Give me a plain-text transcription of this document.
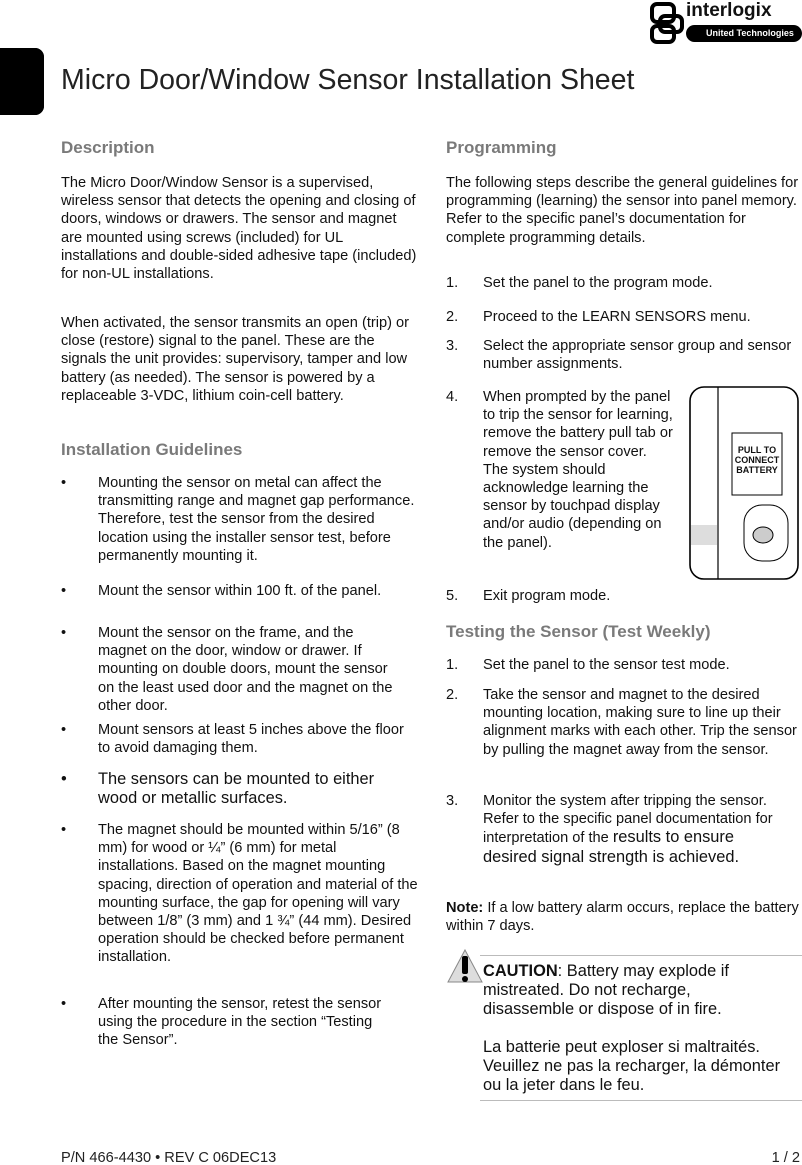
interlogix
United Technologies
Micro Door/Window Sensor Installation Sheet
Description
The Micro Door/Window Sensor is a supervised, wireless sensor that detects the opening and closing of doors, windows or drawers. The sensor and magnet are mounted using screws (included) for UL installations and double-sided adhesive tape (included) for non-UL installations.
When activated, the sensor transmits an open (trip) or close (restore) signal to the panel. These are the signals the unit provides: supervisory, tamper and low battery (as needed). The sensor is powered by a replaceable 3-VDC, lithium coin-cell battery.
Installation Guidelines
• Mounting the sensor on metal can affect the transmitting range and magnet gap performance. Therefore, test the sensor from the desired location using the installer sensor test, before permanently mounting it.
• Mount the sensor within 100 ft. of the panel.
• Mount the sensor on the frame, and the magnet on the door, window or drawer. If mounting on double doors, mount the sensor on the least used door and the magnet on the other door.
• Mount sensors at least 5 inches above the floor to avoid damaging them.
• The sensors can be mounted to either wood or metallic surfaces.
• The magnet should be mounted within 5/16” (8 mm) for wood or ¼” (6 mm) for metal installations. Based on the magnet mounting spacing, direction of operation and material of the mounting surface, the gap for opening will vary between 1/8” (3 mm) and 1 ¾” (44 mm). Desired operation should be checked before permanent installation.
• After mounting the sensor, retest the sensor using the procedure in the section “Testing the Sensor”.
Programming
The following steps describe the general guidelines for programming (learning) the sensor into panel memory. Refer to the specific panel’s documentation for complete programming details.
1. Set the panel to the program mode.
2. Proceed to the LEARN SENSORS menu.
3. Select the appropriate sensor group and sensor number assignments.
4. When prompted by the panel to trip the sensor for learning, remove the battery pull tab or remove the sensor cover. The system should acknowledge learning the sensor by touchpad display and/or audio (depending on the panel).
5. Exit program mode.
PULL TO CONNECT BATTERY
Testing the Sensor (Test Weekly)
1. Set the panel to the sensor test mode.
2. Take the sensor and magnet to the desired mounting location, making sure to line up their alignment marks with each other. Trip the sensor by pulling the magnet away from the sensor.
3. Monitor the system after tripping the sensor. Refer to the specific panel documentation for interpretation of the results to ensure desired signal strength is achieved.
Note: If a low battery alarm occurs, replace the battery within 7 days.
CAUTION: Battery may explode if mistreated. Do not recharge, disassemble or dispose of in fire.
La batterie peut exploser si maltraités. Veuillez ne pas la recharger, la démonter ou la jeter dans le feu.
P/N 466-4430 • REV C 06DEC13	1 / 2
